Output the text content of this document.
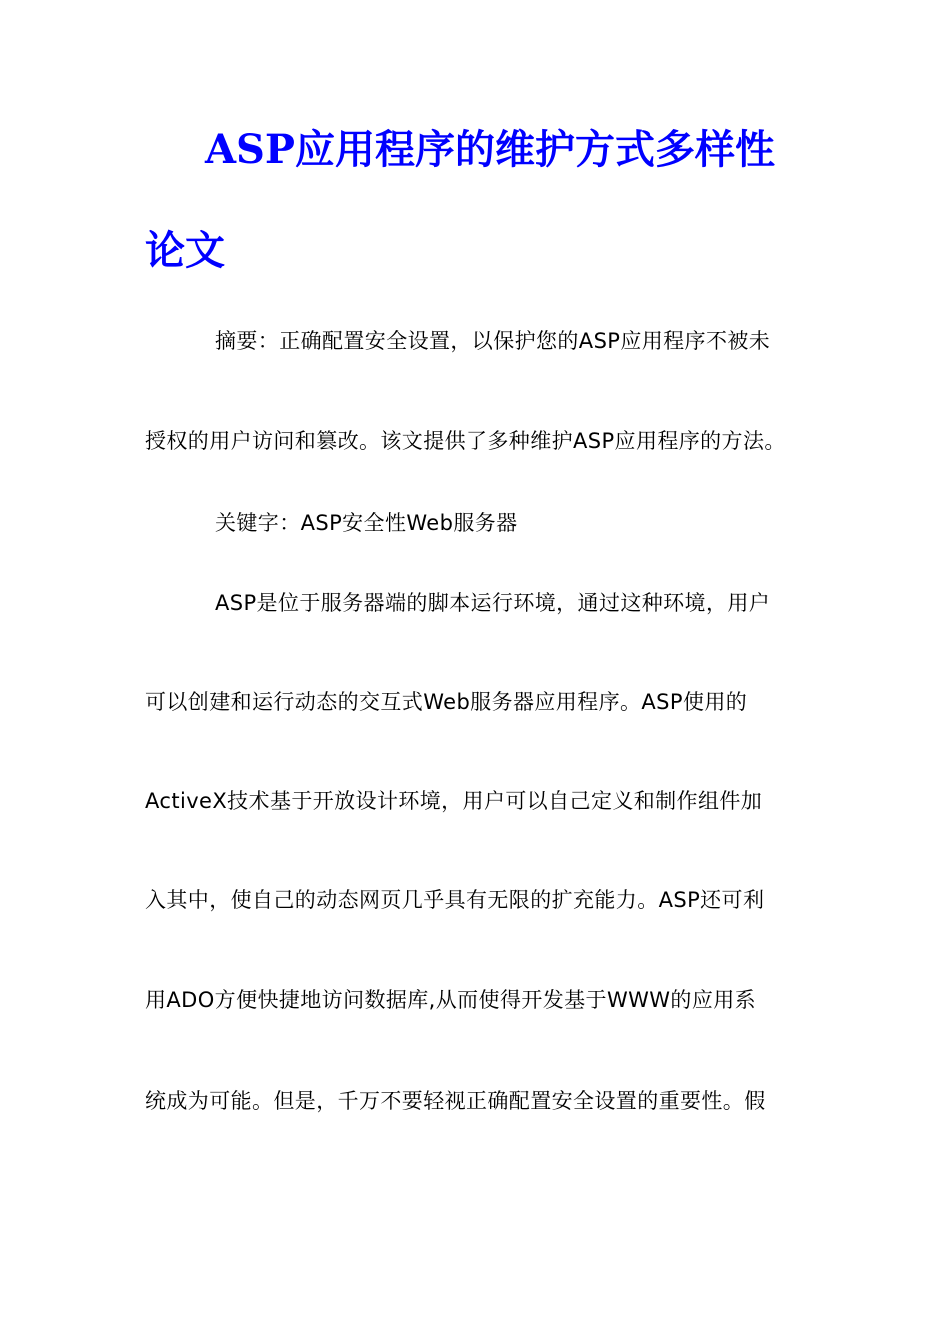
ASP应用程序的维护方式多样性
论文

摘要：正确配置安全设置，以保护您的ASP应用程序不被未

授权的用户访问和篡改。该文提供了多种维护ASP应用程序的方法。

关键字：ASP安全性Web服务器

ASP是位于服务器端的脚本运行环境，通过这种环境，用户

可以创建和运行动态的交互式Web服务器应用程序。ASP使用的

ActiveX技术基于开放设计环境，用户可以自己定义和制作组件加

入其中，使自己的动态网页几乎具有无限的扩充能力。ASP还可利

用ADO方便快捷地访问数据库,从而使得开发基于WWW的应用系

统成为可能。但是，千万不要轻视正确配置安全设置的重要性。假
